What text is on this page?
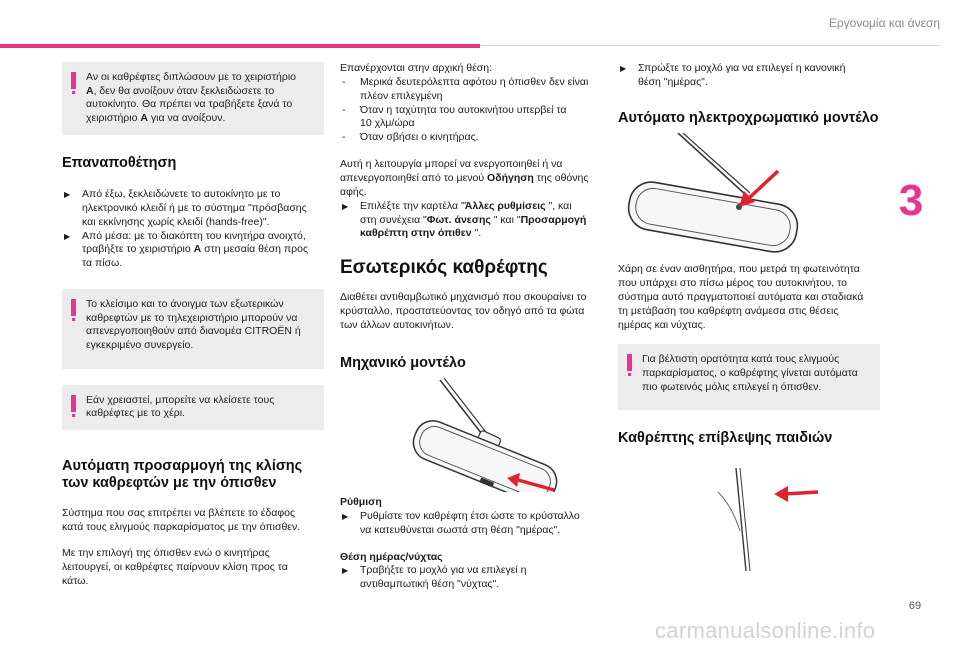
Εργονομία και άνεση
3
69
carmanualsonline.info
Αν οι καθρέφτες διπλώσουν με το χειριστήριο
A, δεν θα ανοίξουν όταν ξεκλειδώσετε το
αυτοκίνητο. Θα πρέπει να τραβήξετε ξανά το
χειριστήριο A για να ανοίξουν.
Επαναποθέτηση
▶ Από έξω, ξεκλειδώνετε το αυτοκίνητο με το
ηλεκτρονικό κλειδί ή με το σύστημα "πρόσβασης
και εκκίνησης χωρίς κλειδί (hands-free)".
▶ Από μέσα: με το διακόπτη του κινητήρα ανοιχτό,
τραβήξτε το χειριστήριο A στη μεσαία θέση προς
τα πίσω.
Το κλείσιμο και το άνοιγμα των εξωτερικών
καθρεφτών με το τηλεχειριστήριο μπορούν να
απενεργοποιηθούν από διανομέα CITROËN ή
εγκεκριμένο συνεργείο.
Εάν χρειαστεί, μπορείτε να κλείσετε τους
καθρέφτες με το χέρι.
Αυτόματη προσαρμογή της κλίσης
των καθρεφτών με την όπισθεν
Σύστημα που σας επιτρέπει να βλέπετε το έδαφος
κατά τους ελιγμούς παρκαρίσματος με την όπισθεν.
Με την επιλογή της όπισθεν ενώ ο κινητήρας
λειτουργεί, οι καθρέφτες παίρνουν κλίση προς τα
κάτω.
Επανέρχονται στην αρχική θέση:
- Μερικά δευτερόλεπτα αφότου η όπισθεν δεν είναι
πλέον επιλεγμένη
- Όταν η ταχύτητα του αυτοκινήτου υπερβεί τα
10 χλμ/ώρα
- Όταν σβήσει ο κινητήρας.
Αυτή η λειτουργία μπορεί να ενεργοποιηθεί ή να
απενεργοποιηθεί από το μενού Οδήγηση της οθόνης
αφής.
▶ Επιλέξτε την καρτέλα "Άλλες ρυθμίσεις ", και
στη συνέχεια "Φωτ. άνεσης " και "Προσαρμογή
καθρέπτη στην όπιθεν ".
Εσωτερικός καθρέφτης
Διαθέτει αντιθαμβωτικό μηχανισμό που σκουραίνει το
κρύσταλλο, προστατεύοντας τον οδηγό από τα φώτα
των άλλων αυτοκινήτων.
Μηχανικό μοντέλο
Ρύθμιση
▶ Ρυθμίστε τον καθρέφτη έτσι ώστε το κρύσταλλο
να κατευθύνεται σωστά στη θέση "ημέρας".
Θέση ημέρας/νύχτας
▶ Τραβήξτε το μοχλό για να επιλεγεί η
αντιθαμπωτική θέση "νύχτας".
▶ Σπρώξτε το μοχλό για να επιλεγεί η κανονική
θέση "ημέρας".
Αυτόματο ηλεκτροχρωματικό μοντέλο
Χάρη σε έναν αισθητήρα, που μετρά τη φωτεινότητα
που υπάρχει στο πίσω μέρος του αυτοκινήτου, το
σύστημα αυτό πραγματοποιεί αυτόματα και σταδιακά
τη μετάβαση του καθρέφτη ανάμεσα στις θέσεις
ημέρας και νύχτας.
Για βέλτιστη ορατότητα κατά τους ελιγμούς
παρκαρίσματος, ο καθρέφτης γίνεται αυτόματα
πιο φωτεινός μόλις επιλεγεί η όπισθεν.
Καθρέπτης επίβλεψης παιδιών
